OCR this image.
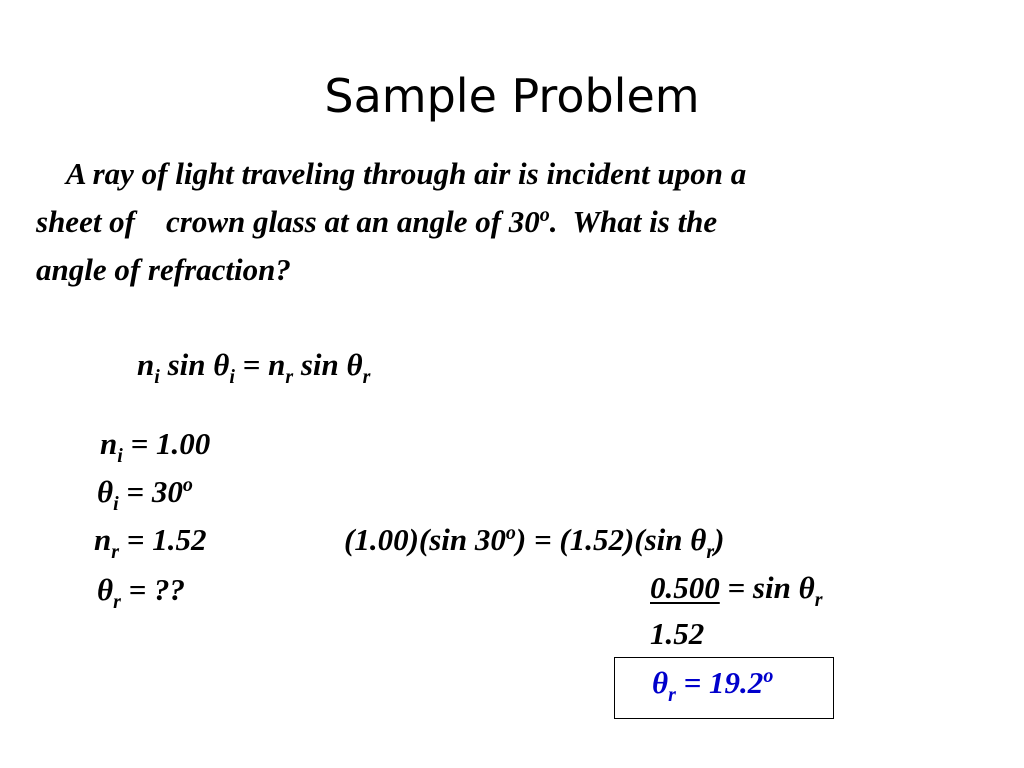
Sample Problem
A ray of light traveling through air is incident upon a
sheet of    crown glass at an angle of 30$^o$.  What is the
angle of refraction?
$n_i$ $\sin \theta_i = n_r$ $\sin \theta_r$
$n_i = 1.00$
$\theta_i = 30^o$
$n_r = 1.52$
$\theta_r$ = ??
(1.00)(sin $30^o) = (1.52)(\sin$ $\theta_r$)
$0.500 = \sin \theta_r$
1.52
$\theta_r = 19.2^o$
